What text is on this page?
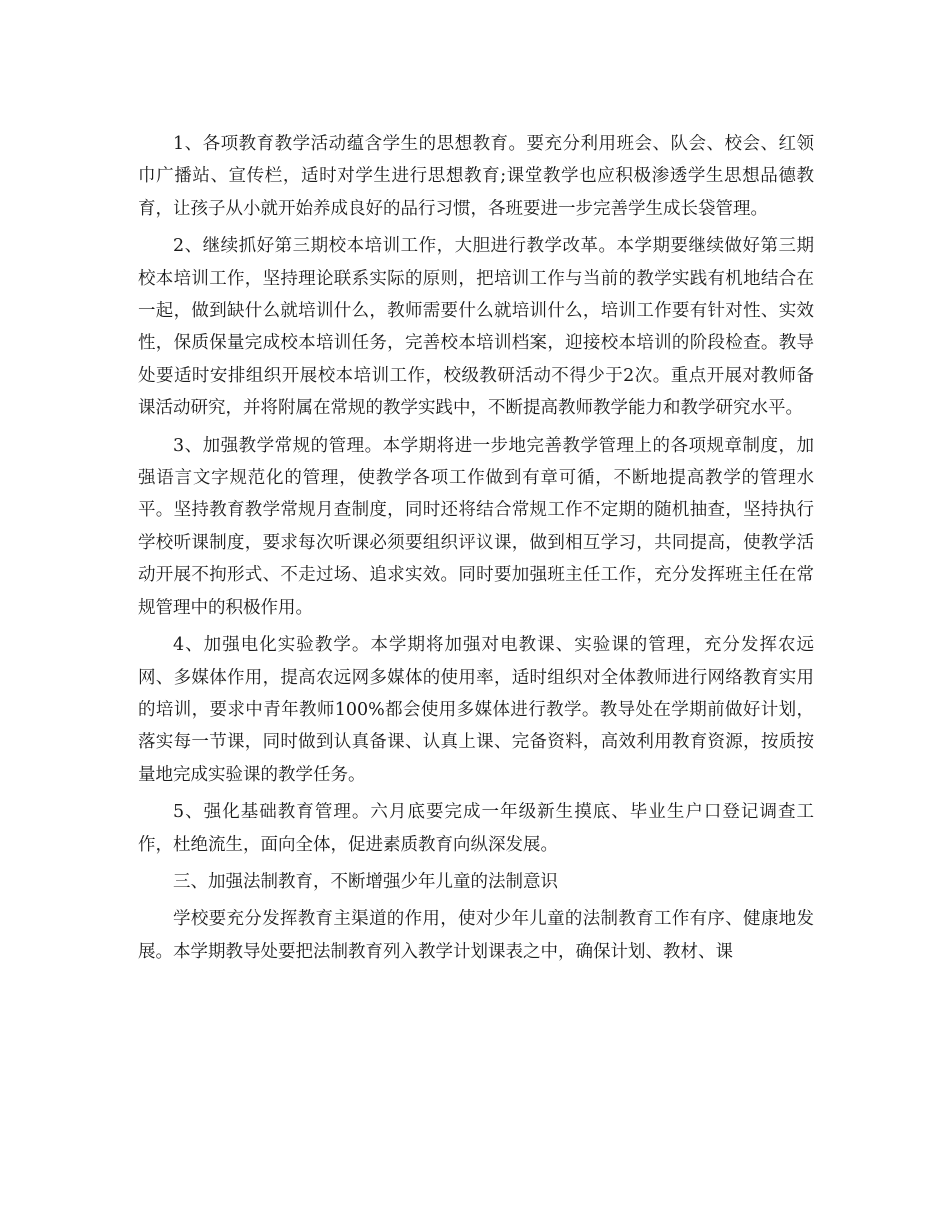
1、各项教育教学活动蕴含学生的思想教育。要充分利用班会、队会、校会、红领巾广播站、宣传栏，适时对学生进行思想教育;课堂教学也应积极渗透学生思想品德教育，让孩子从小就开始养成良好的品行习惯，各班要进一步完善学生成长袋管理。

2、继续抓好第三期校本培训工作，大胆进行教学改革。本学期要继续做好第三期校本培训工作，坚持理论联系实际的原则，把培训工作与当前的教学实践有机地结合在一起，做到缺什么就培训什么，教师需要什么就培训什么，培训工作要有针对性、实效性，保质保量完成校本培训任务，完善校本培训档案，迎接校本培训的阶段检查。教导处要适时安排组织开展校本培训工作，校级教研活动不得少于2次。重点开展对教师备课活动研究，并将附属在常规的教学实践中，不断提高教师教学能力和教学研究水平。

3、加强教学常规的管理。本学期将进一步地完善教学管理上的各项规章制度，加强语言文字规范化的管理，使教学各项工作做到有章可循，不断地提高教学的管理水平。坚持教育教学常规月查制度，同时还将结合常规工作不定期的随机抽查，坚持执行学校听课制度，要求每次听课必须要组织评议课，做到相互学习，共同提高，使教学活动开展不拘形式、不走过场、追求实效。同时要加强班主任工作，充分发挥班主任在常规管理中的积极作用。

4、加强电化实验教学。本学期将加强对电教课、实验课的管理，充分发挥农远网、多媒体作用，提高农远网多媒体的使用率，适时组织对全体教师进行网络教育实用的培训，要求中青年教师100%都会使用多媒体进行教学。教导处在学期前做好计划，落实每一节课，同时做到认真备课、认真上课、完备资料，高效利用教育资源，按质按量地完成实验课的教学任务。

5、强化基础教育管理。六月底要完成一年级新生摸底、毕业生户口登记调查工作，杜绝流生，面向全体，促进素质教育向纵深发展。

三、加强法制教育，不断增强少年儿童的法制意识

学校要充分发挥教育主渠道的作用，使对少年儿童的法制教育工作有序、健康地发展。本学期教导处要把法制教育列入教学计划课表之中，确保计划、教材、课
